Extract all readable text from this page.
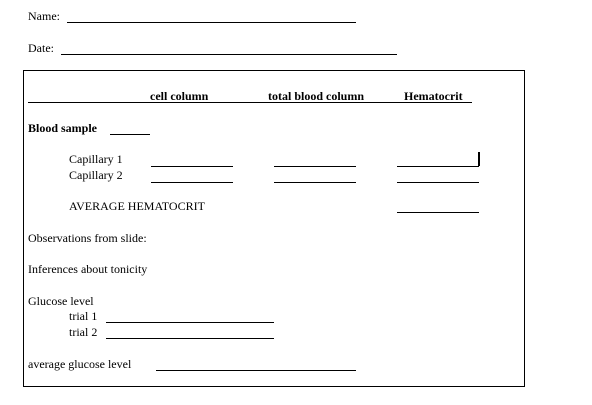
Name:
Date:
cell column	total blood column	Hematocrit
Blood sample
Capillary 1
Capillary 2
AVERAGE HEMATOCRIT
Observations from slide:
Inferences about tonicity
Glucose level
trial 1
trial 2
average glucose level
